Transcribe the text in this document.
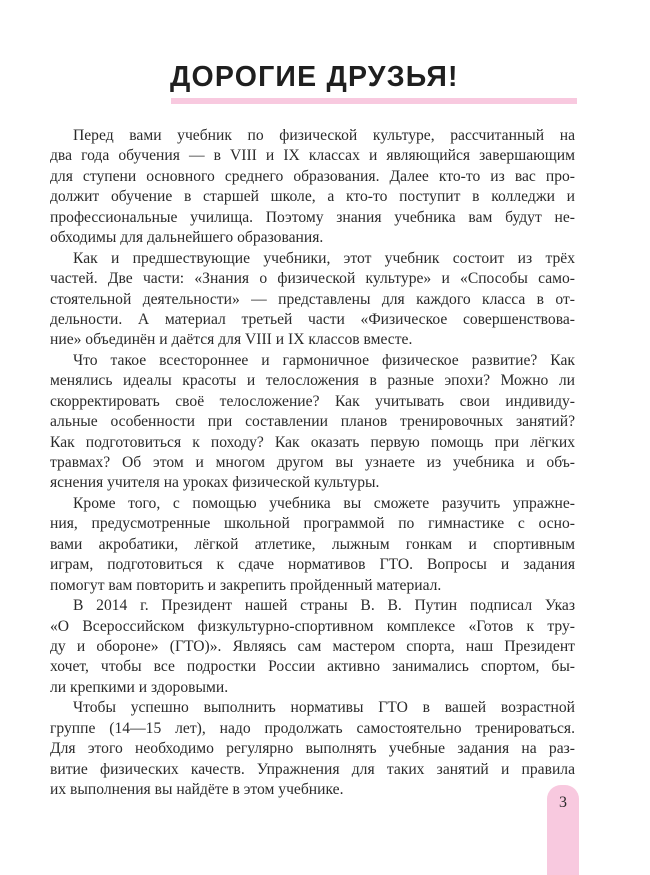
ДОРОГИЕ ДРУЗЬЯ!

Перед вами учебник по физической культуре, рассчитанный на
два года обучения — в VIII и IX классах и являющийся завершающим
для ступени основного среднего образования. Далее кто-то из вас про-
должит обучение в старшей школе, а кто-то поступит в колледжи и
профессиональные училища. Поэтому знания учебника вам будут не-
обходимы для дальнейшего образования.

Как и предшествующие учебники, этот учебник состоит из трёх
частей. Две части: «Знания о физической культуре» и «Способы само-
стоятельной деятельности» — представлены для каждого класса в от-
дельности. А материал третьей части «Физическое совершенствова-
ние» объединён и даётся для VIII и IX классов вместе.

Что такое всестороннее и гармоничное физическое развитие? Как
менялись идеалы красоты и телосложения в разные эпохи? Можно ли
скорректировать своё телосложение? Как учитывать свои индивиду-
альные особенности при составлении планов тренировочных занятий?
Как подготовиться к походу? Как оказать первую помощь при лёгких
травмах? Об этом и многом другом вы узнаете из учебника и объ-
яснения учителя на уроках физической культуры.

Кроме того, с помощью учебника вы сможете разучить упражне-
ния, предусмотренные школьной программой по гимнастике с осно-
вами акробатики, лёгкой атлетике, лыжным гонкам и спортивным
играм, подготовиться к сдаче нормативов ГТО. Вопросы и задания
помогут вам повторить и закрепить пройденный материал.

В 2014 г. Президент нашей страны В. В. Путин подписал Указ
«О Всероссийском физкультурно-спортивном комплексе «Готов к тру-
ду и обороне» (ГТО)». Являясь сам мастером спорта, наш Президент
хочет, чтобы все подростки России активно занимались спортом, бы-
ли крепкими и здоровыми.

Чтобы успешно выполнить нормативы ГТО в вашей возрастной
группе (14—15 лет), надо продолжать самостоятельно тренироваться.
Для этого необходимо регулярно выполнять учебные задания на раз-
витие физических качеств. Упражнения для таких занятий и правила
их выполнения вы найдёте в этом учебнике.

3
